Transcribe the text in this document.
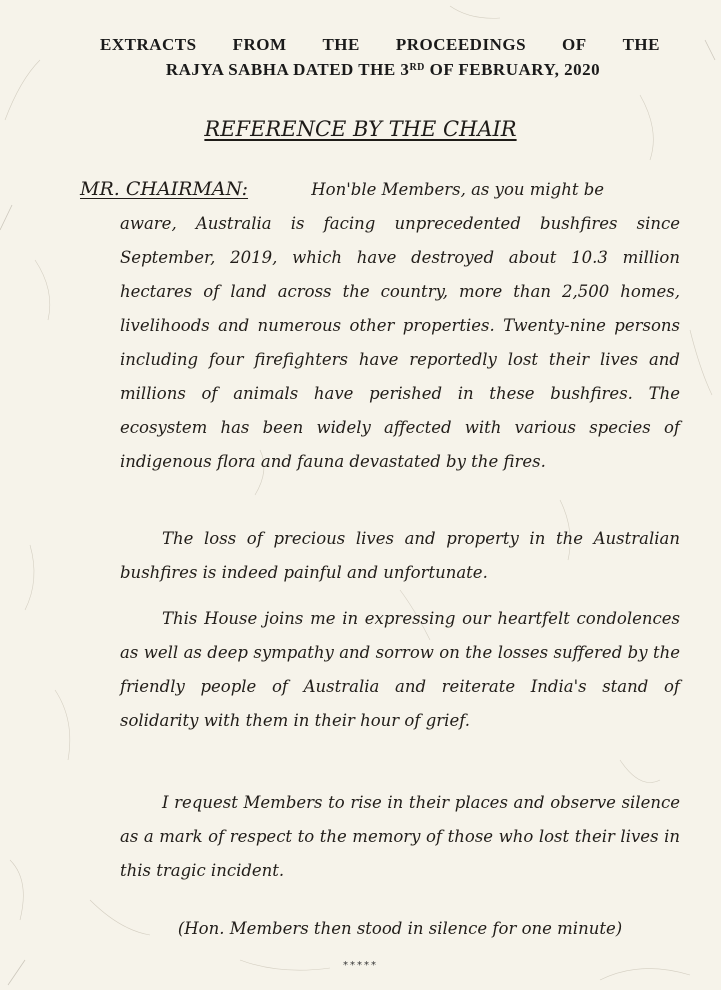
EXTRACTS FROM THE PROCEEDINGS OF THE
RAJYA SABHA DATED THE 3RD OF FEBRUARY, 2020
REFERENCE BY THE CHAIR
MR. CHAIRMAN:	Hon'ble Members, as you might be
aware, Australia is facing unprecedented bushfires since September, 2019, which have destroyed about 10.3 million hectares of land across the country, more than 2,500 homes, livelihoods and numerous other properties. Twenty-nine persons including four firefighters have reportedly lost their lives and millions of animals have perished in these bushfires. The ecosystem has been widely affected with various species of indigenous flora and fauna devastated by the fires.
The loss of precious lives and property in the Australian bushfires is indeed painful and unfortunate.
This House joins me in expressing our heartfelt condolences as well as deep sympathy and sorrow on the losses suffered by the friendly people of Australia and reiterate India's stand of solidarity with them in their hour of grief.
I request Members to rise in their places and observe silence as a mark of respect to the memory of those who lost their lives in this tragic incident.
(Hon. Members then stood in silence for one minute)
*****
